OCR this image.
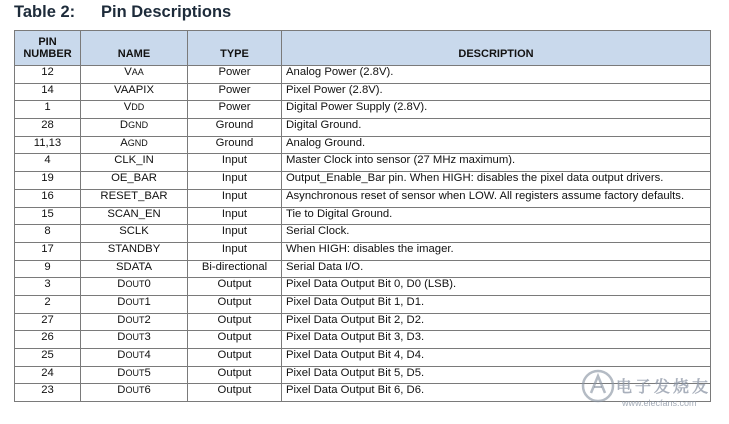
Table 2: Pin Descriptions
PIN
NUMBER	NAME	TYPE	DESCRIPTION
12	VAA	Power	Analog Power (2.8V).
14	VAAPIX	Power	Pixel Power (2.8V).
1	VDD	Power	Digital Power Supply (2.8V).
28	DGND	Ground	Digital Ground.
11,13	AGND	Ground	Analog Ground.
4	CLK_IN	Input	Master Clock into sensor (27 MHz maximum).
19	OE_BAR	Input	Output_Enable_Bar pin. When HIGH: disables the pixel data output drivers.
16	RESET_BAR	Input	Asynchronous reset of sensor when LOW. All registers assume factory defaults.
15	SCAN_EN	Input	Tie to Digital Ground.
8	SCLK	Input	Serial Clock.
17	STANDBY	Input	When HIGH: disables the imager.
9	SDATA	Bi-directional	Serial Data I/O.
3	DOUT0	Output	Pixel Data Output Bit 0, D0 (LSB).
2	DOUT1	Output	Pixel Data Output Bit 1, D1.
27	DOUT2	Output	Pixel Data Output Bit 2, D2.
26	DOUT3	Output	Pixel Data Output Bit 3, D3.
25	DOUT4	Output	Pixel Data Output Bit 4, D4.
24	DOUT5	Output	Pixel Data Output Bit 5, D5.
23	DOUT6	Output	Pixel Data Output Bit 6, D6.	电子发烧友
www.elecfans.com
